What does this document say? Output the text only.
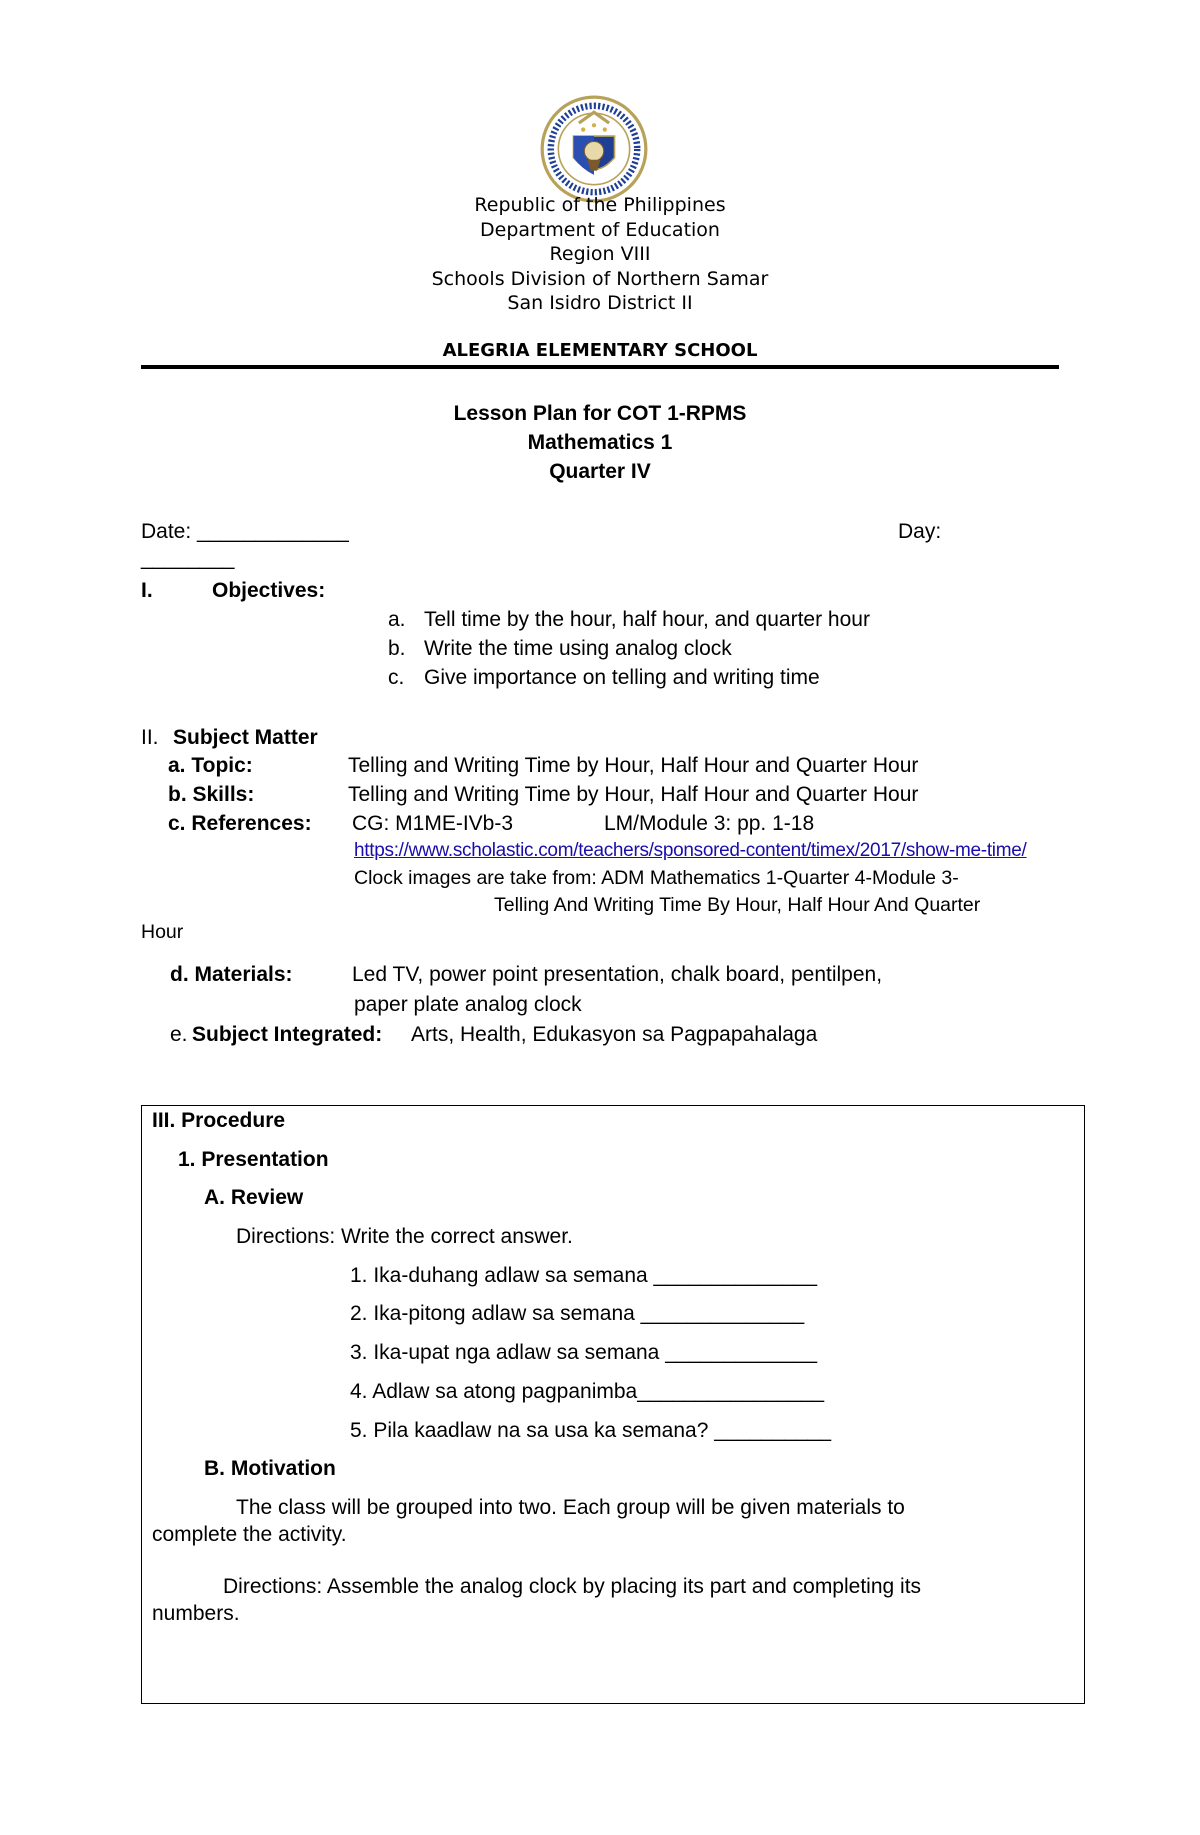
Republic of the Philippines
Department of Education
Region VIII
Schools Division of Northern Samar
San Isidro District II
ALEGRIA ELEMENTARY SCHOOL
Lesson Plan for COT 1-RPMS
Mathematics 1
Quarter IV
Date: _____________	Day:
________
I.	Objectives:
a. Tell time by the hour, half hour, and quarter hour
b. Write the time using analog clock
c. Give importance on telling and writing time
II. Subject Matter
a. Topic:	Telling and Writing Time by Hour, Half Hour and Quarter Hour
b. Skills:	Telling and Writing Time by Hour, Half Hour and Quarter Hour
c. References: CG: M1ME-IVb-3	LM/Module 3: pp. 1-18
https://www.scholastic.com/teachers/sponsored-content/timex/2017/show-me-time/
Clock images are take from: ADM Mathematics 1-Quarter 4-Module 3-
Telling And Writing Time By Hour, Half Hour And Quarter
Hour
d. Materials:	Led TV, power point presentation, chalk board, pentilpen,
paper plate analog clock
e. Subject Integrated: Arts, Health, Edukasyon sa Pagpapahalaga
III. Procedure
1. Presentation
A. Review
Directions: Write the correct answer.
1. Ika-duhang adlaw sa semana ______________
2. Ika-pitong adlaw sa semana ______________
3. Ika-upat nga adlaw sa semana _____________
4. Adlaw sa atong pagpanimba________________
5. Pila kaadlaw na sa usa ka semana? __________
B. Motivation
The class will be grouped into two. Each group will be given materials to
complete the activity.
Directions: Assemble the analog clock by placing its part and completing its
numbers.
